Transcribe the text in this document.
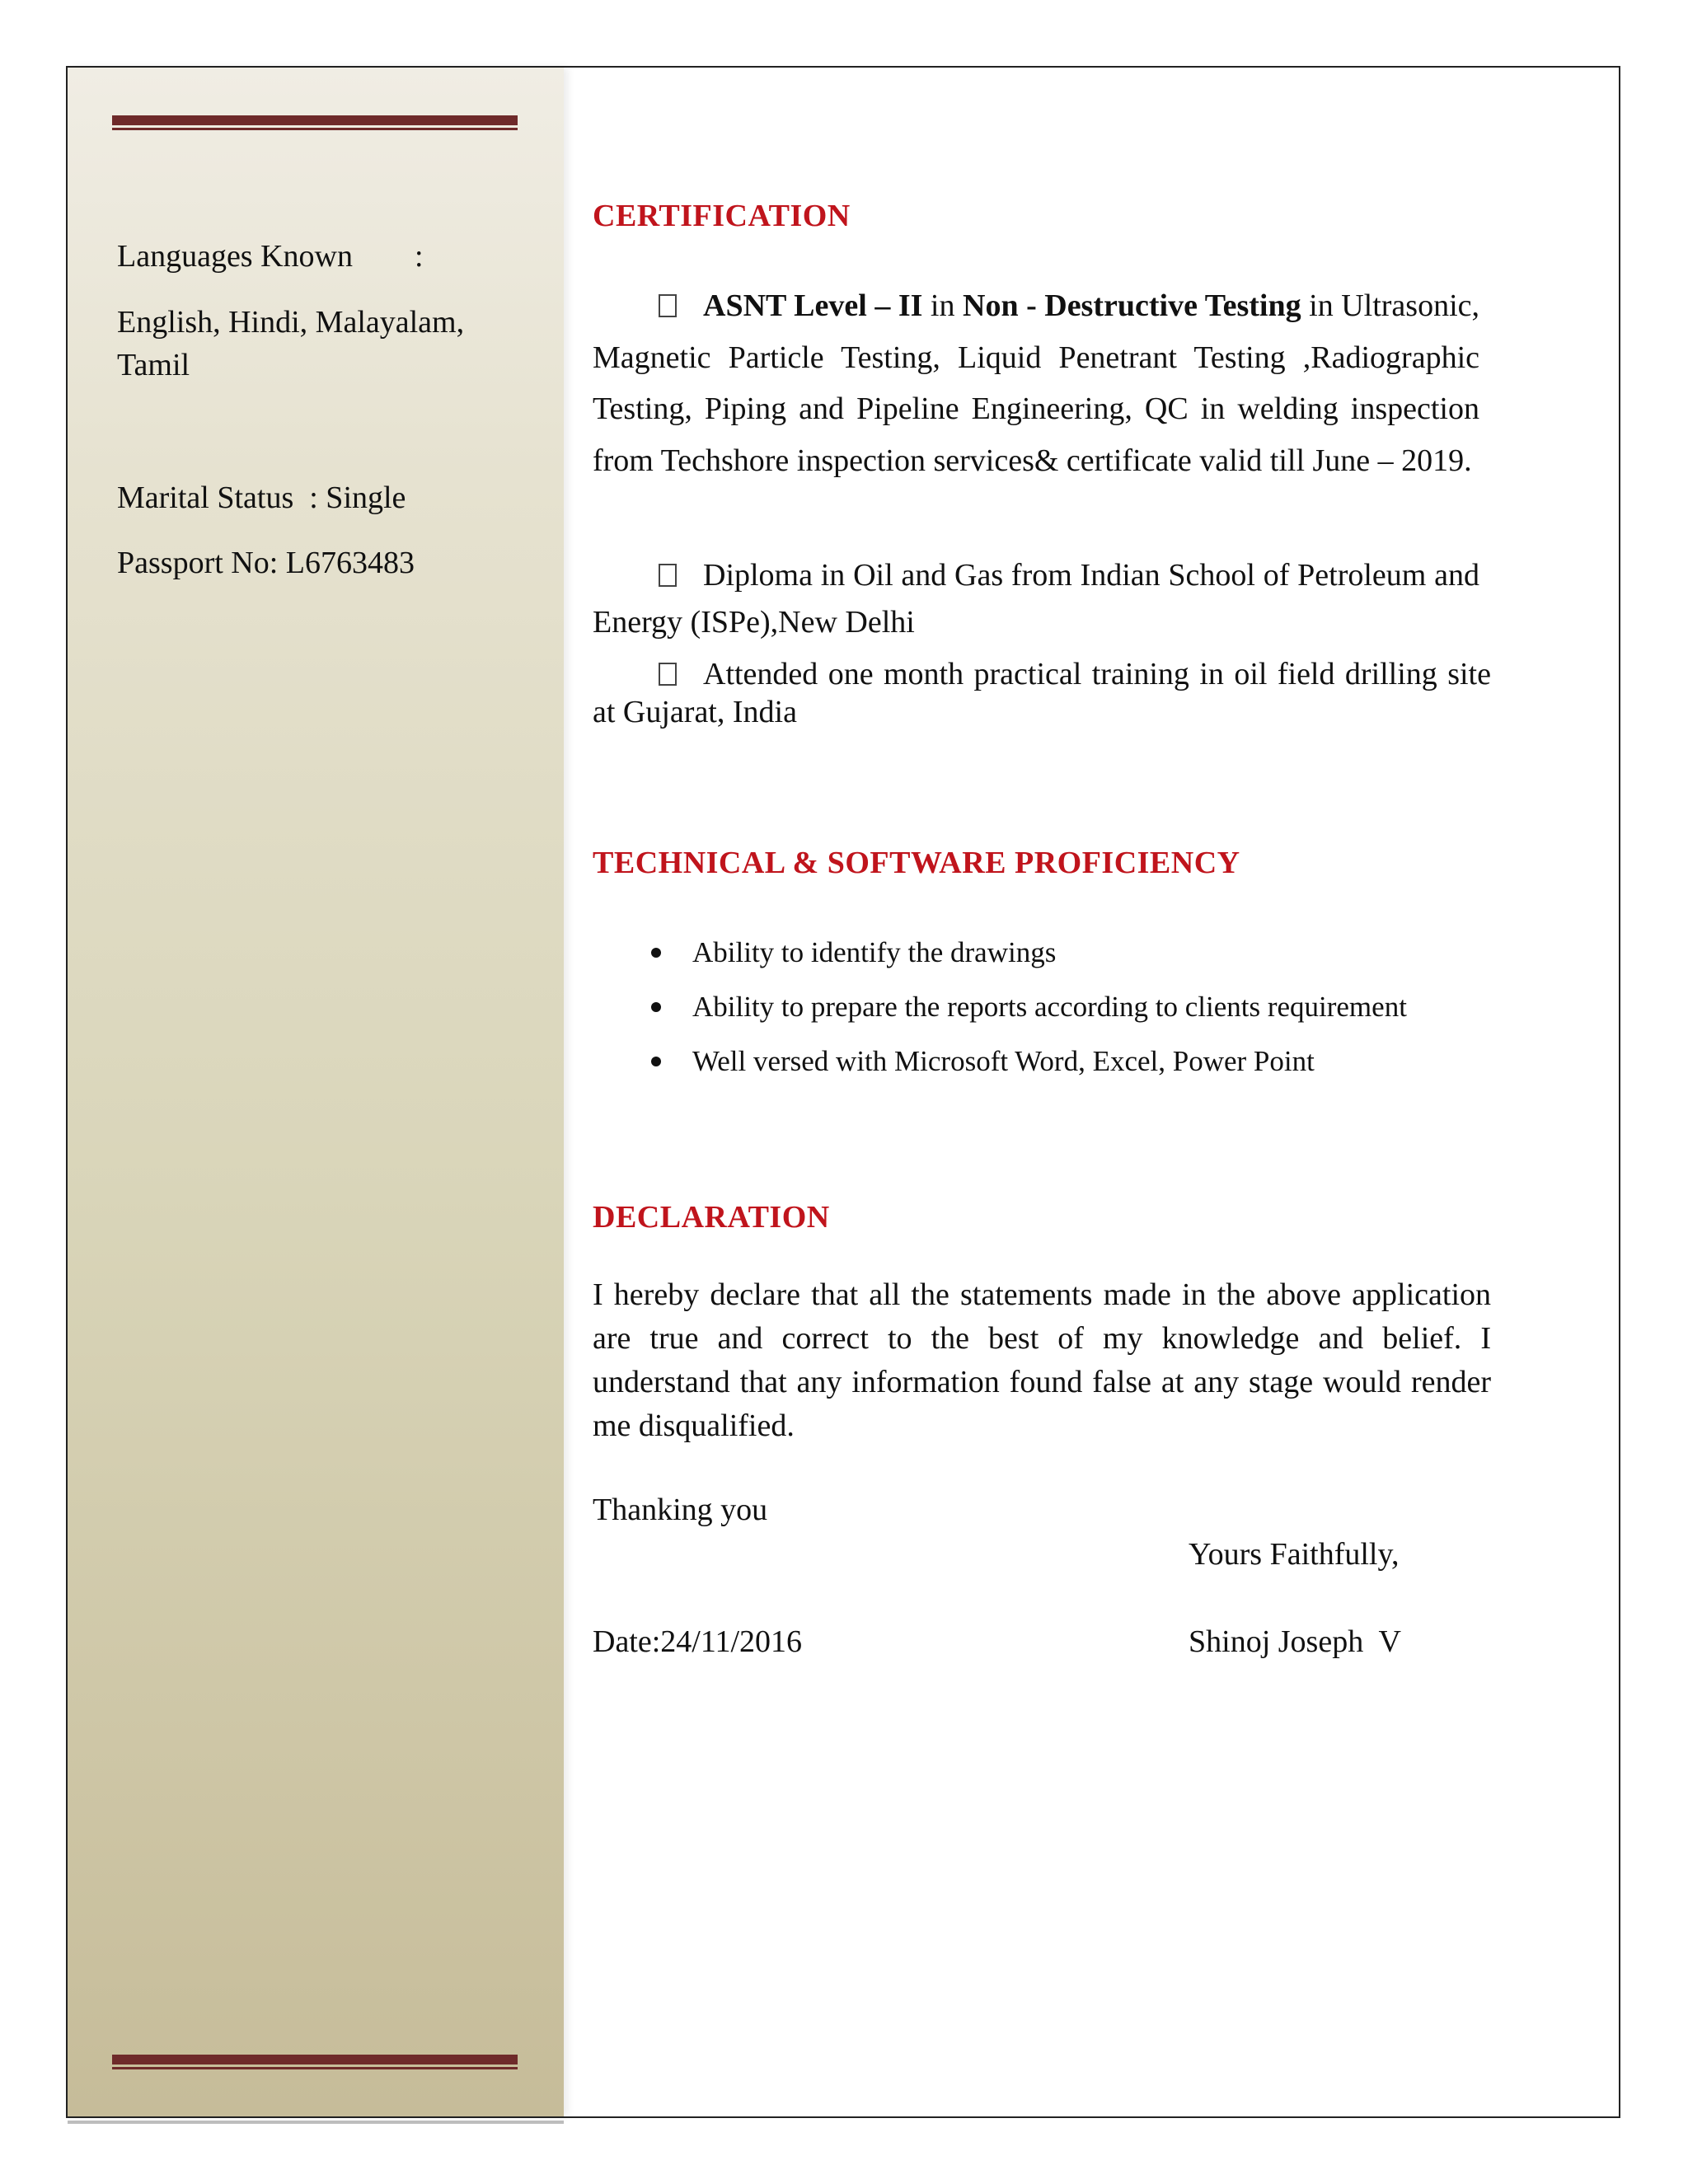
Languages Known :
English, Hindi, Malayalam,
Tamil
Marital Status  : Single
Passport No: L6763483
CERTIFICATION
ASNT Level – II in Non - Destructive Testing in Ultrasonic, Magnetic Particle Testing, Liquid Penetrant Testing ,Radiographic Testing, Piping and Pipeline Engineering, QC in welding inspection from Techshore inspection services& certificate valid till June – 2019.
Diploma in Oil and Gas from Indian School of Petroleum and Energy (ISPe),New Delhi
Attended one month practical training in oil field drilling site at Gujarat, India
TECHNICAL & SOFTWARE PROFICIENCY
Ability to identify the drawings
Ability to prepare the reports according to clients requirement
Well versed with Microsoft Word, Excel, Power Point
DECLARATION
I hereby declare that all the statements made in the above application are true and correct to the best of my knowledge and belief. I understand that any information found false at any stage would render me disqualified.
Thanking you
Yours Faithfully,
Date:24/11/2016	Shinoj Joseph  V
